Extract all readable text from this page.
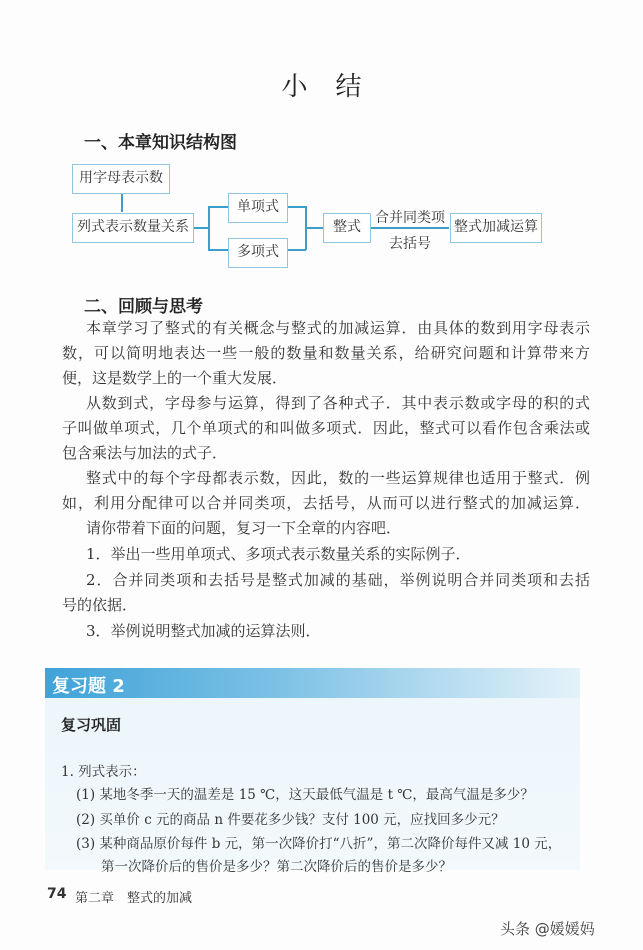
小结
一、本章知识结构图
用字母表示数
列式表示数量关系
单项式
多项式
整式
合并同类项
去括号
整式加减运算
二、回顾与思考
本章学习了整式的有关概念与整式的加减运算．由具体的数到用字母表示
数，可以简明地表达一些一般的数量和数量关系，给研究问题和计算带来方
便，这是数学上的一个重大发展．
从数到式，字母参与运算，得到了各种式子．其中表示数或字母的积的式
子叫做单项式，几个单项式的和叫做多项式．因此，整式可以看作包含乘法或
包含乘法与加法的式子．
整式中的每个字母都表示数，因此，数的一些运算规律也适用于整式．例
如，利用分配律可以合并同类项，去括号，从而可以进行整式的加减运算．
请你带着下面的问题，复习一下全章的内容吧．
1．举出一些用单项式、多项式表示数量关系的实际例子．
2．合并同类项和去括号是整式加减的基础，举例说明合并同类项和去括
号的依据．
3．举例说明整式加减的运算法则．
复习题 2
复习巩固
1. 列式表示：
(1) 某地冬季一天的温差是 15 ℃，这天最低气温是 t ℃，最高气温是多少？
(2) 买单价 c 元的商品 n 件要花多少钱？支付 100 元，应找回多少元？
(3) 某种商品原价每件 b 元，第一次降价打“八折”，第二次降价每件又减 10 元，
第一次降价后的售价是多少？第二次降价后的售价是多少？
74 第二章　整式的加减
头条 @媛媛妈
